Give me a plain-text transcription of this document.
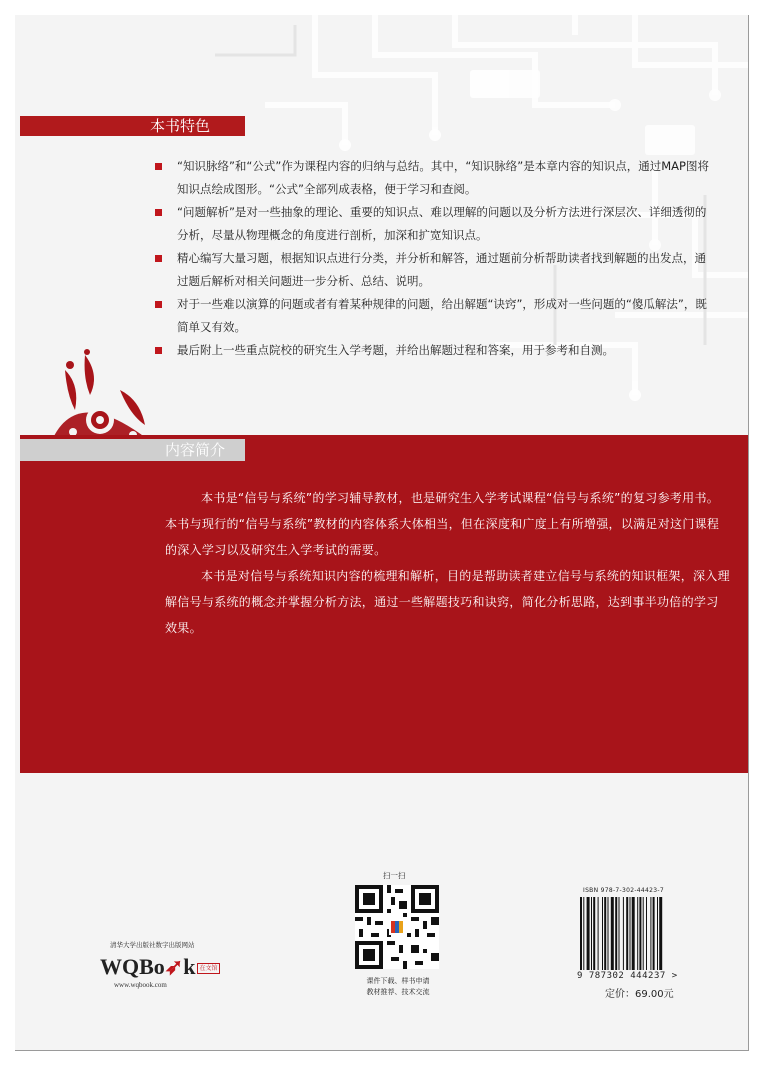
本书特色
“知识脉络”和“公式”作为课程内容的归纳与总结。其中，“知识脉络”是本章内容的知识点，通过MAP图将知识点绘成图形。“公式”全部列成表格，便于学习和查阅。
“问题解析”是对一些抽象的理论、重要的知识点、难以理解的问题以及分析方法进行深层次、详细透彻的分析，尽量从物理概念的角度进行剖析，加深和扩宽知识点。
精心编写大量习题，根据知识点进行分类，并分析和解答，通过题前分析帮助读者找到解题的出发点，通过题后解析对相关问题进一步分析、总结、说明。
对于一些难以演算的问题或者有着某种规律的问题，给出解题“诀窍”，形成对一些问题的“傻瓜解法”，既简单又有效。
最后附上一些重点院校的研究生入学考题，并给出解题过程和答案，用于参考和自测。
内容简介

本书是“信号与系统”的学习辅导教材，也是研究生入学考试课程“信号与系统”的复习参考用书。本书与现行的“信号与系统”教材的内容体系大体相当，但在深度和广度上有所增强，以满足对这门课程的深入学习以及研究生入学考试的需要。

本书是对信号与系统知识内容的梳理和解析，目的是帮助读者建立信号与系统的知识框架，深入理解信号与系统的概念并掌握分析方法，通过一些解题技巧和诀窍，简化分析思路，达到事半功倍的学习效果。

清华大学出版社数字出版网站
WQBo➶k 在文馆
www.wqbook.com
扫一扫
课件下载、样书申请
教材推荐、技术交流
ISBN 978-7-302-44423-7
9 787302 444237 >
定价：69.00元
